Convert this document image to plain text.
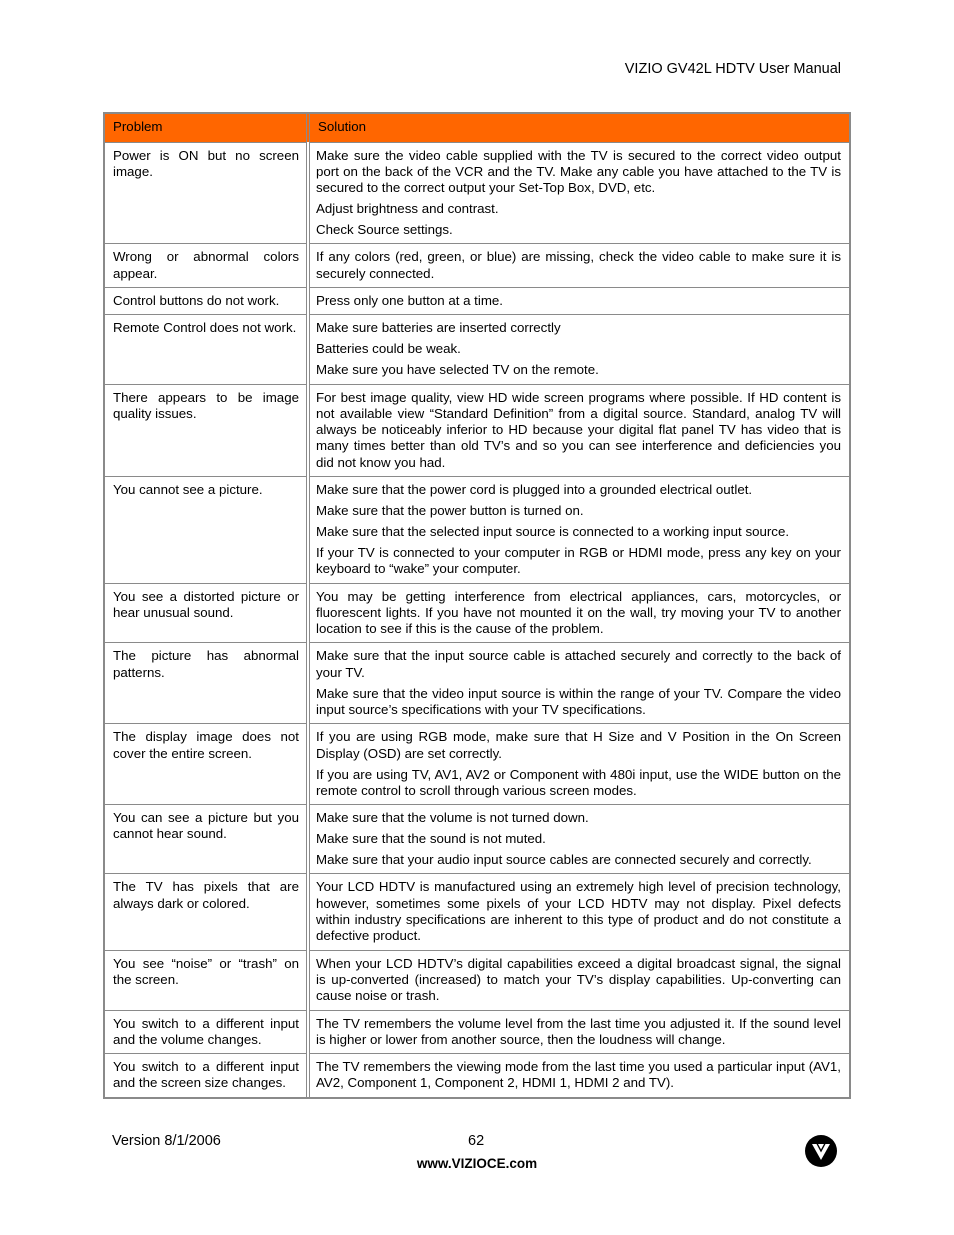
VIZIO GV42L HDTV User Manual
Problem	Solution
Power is ON but no screen image.	Make sure the video cable supplied with the TV is secured to the correct video output port on the back of the VCR and the TV. Make any cable you have attached to the TV is secured to the correct output your Set-Top Box, DVD, etc.

Adjust brightness and contrast.

Check Source settings.

Wrong or abnormal colors appear.	If any colors (red, green, or blue) are missing, check the video cable to make sure it is securely connected.

Control buttons do not work.	Press only one button at a time.

Remote Control does not work.	Make sure batteries are inserted correctly

Batteries could be weak.

Make sure you have selected TV on the remote.

There appears to be image quality issues.	For best image quality, view HD wide screen programs where possible. If HD content is not available view “Standard Definition” from a digital source. Standard, analog TV will always be noticeably inferior to HD because your digital flat panel TV has video that is many times better than old TV’s and so you can see interference and deficiencies you did not know you had.

You cannot see a picture.	Make sure that the power cord is plugged into a grounded electrical outlet.

Make sure that the power button is turned on.

Make sure that the selected input source is connected to a working input source.

If your TV is connected to your computer in RGB or HDMI mode, press any key on your keyboard to “wake” your computer.

You see a distorted picture or hear unusual sound.	You may be getting interference from electrical appliances, cars, motorcycles, or fluorescent lights. If you have not mounted it on the wall, try moving your TV to another location to see if this is the cause of the problem.

The picture has abnormal patterns.	Make sure that the input source cable is attached securely and correctly to the back of your TV.

Make sure that the video input source is within the range of your TV. Compare the video input source’s specifications with your TV specifications.

The display image does not cover the entire screen.	If you are using RGB mode, make sure that H Size and V Position in the On Screen Display (OSD) are set correctly.

If you are using TV, AV1, AV2 or Component with 480i input, use the WIDE button on the remote control to scroll through various screen modes.

You can see a picture but you cannot hear sound.	Make sure that the volume is not turned down.

Make sure that the sound is not muted.

Make sure that your audio input source cables are connected securely and correctly.

The TV has pixels that are always dark or colored.	Your LCD HDTV is manufactured using an extremely high level of precision technology, however, sometimes some pixels of your LCD HDTV may not display. Pixel defects within industry specifications are inherent to this type of product and do not constitute a defective product.

You see “noise” or “trash” on the screen.	When your LCD HDTV’s digital capabilities exceed a digital broadcast signal, the signal is up-converted (increased) to match your TV’s display capabilities. Up-converting can cause noise or trash.

You switch to a different input and the volume changes.	The TV remembers the volume level from the last time you adjusted it. If the sound level is higher or lower from another source, then the loudness will change.

You switch to a different input and the screen size changes.	The TV remembers the viewing mode from the last time you used a particular input (AV1, AV2, Component 1, Component 2, HDMI 1, HDMI 2 and TV).

Version 8/1/2006	62
www.VIZIOCE.com
